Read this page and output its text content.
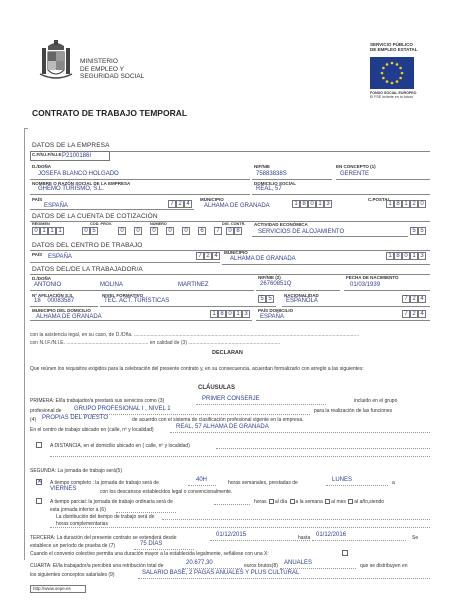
MINISTERIO
DE EMPLEO Y
SEGURIDAD SOCIAL
SERVICIO PÚBLICO
DE EMPLEO ESTATAL
FONDO SOCIAL EUROPEO
El FSE invierte en tu futuro
CONTRATO DE TRABAJO TEMPORAL
DATOS DE LA EMPRESA
C.F/N.I.F/N.I.E P2100186I
D./DOÑA
JOSEFA BLANCO HOLGADO
NIF/NIE
75883838S
EN CONCEPTO (1)
GERENTE
NOMBRE O RAZÓN SOCIAL DE LA EMPRESA
GHEMO TURISMO, S.L.
DOMICILIO SOCIAL
REAL, 57
PAÍS
ESPAÑA	7 2 4
MUNICIPIO
ALHAMA DE GRANADA	1 8 0 1 3
C.POSTAL
1 8 1 2 0
DATOS DE LA CUENTA DE COTIZACIÓN
RÉGIMEN	COD. PROV.	NÚMERO	DIG. CONTR.
0 1 1 1	0 5	0	0	0	0	0	6	7	0 8
ACTIVIDAD ECONÓMICA
SERVICIOS DE ALOJAMIENTO	5 5
DATOS DEL CENTRO DE TRABAJO
PAÍS ESPAÑA	7 2 4
MUNICIPIO
ALHAMA DE GRANADA	1 8 0 1 3
DATOS DEL/DE LA TRABAJADOR/A
D./DOÑA
ANTONIO	MOLINA	MARTINEZ
NIF/NIE (2)
26760851Q
FECHA DE NACIMIENTO
01/03/1939
Nº AFILIACIÓN S.S.
18    00083587
NIVEL FORMATIVO
TEC. ACT. TURÍSTICAS	5 5
NACIONALIDAD
ESPAÑOLA	7 2 4
MUNICIPIO DEL DOMICILIO
ALHAMA DE GRANADA	1 8 0 1 3
PAÍS DOMICILIO
ESPAÑA	7 2 4
con la asistencia legal, en su caso, de D./Dña. ..................................................................................................................................................................
con N.I.F./N.I.E. ........................................................... en calidad de (3) ..................................................................
DECLARAN
Que reúnen los requisitos exigidos para la celebración del presente contrato y, en su consecuencia, acuerdan formalizarlo con arreglo a las siguientes:
CLÁUSULAS
PRIMERA: El/la trabajador/a prestará sus servicios como (3)	PRIMER CONSERJE	incluido en el grupo
profesional de GRUPO PROFESIONAL I , NIVEL 1	para la realización de las funciones
(4) PROPIAS DEL PUESTO	de acuerdo con el sistema de clasificación profesional vigente en la empresa.
En el centro de trabajo ubicado en (calle, nº y localidad)	REAL, 57 ALHAMA DE GRANADA
A DISTANCIA, en el domicilio ubicado en ( calle, nº y localidad)
SEGUNDA: La jornada de trabajo será(5)
✕ A tiempo completo : la jornada de trabajo será de	40H	horas semanales, prestadas de	LUNES	a
VIERNES	con los descansos establecidos legal o convencionalmente.
A tiempo parcial: la jornada de trabajo ordinaria será de	horas al día a la semana al mes al año,siendo
esta jornada inferior a (6)
La distribución del tiempo de trabajo será de
horas complementarias
TERCERA: La duración del presente contrato se extenderá desde	01/12/2015	hasta 01/12/2016	Se
establece un período de prueba de (7)	75 DÍAS
Cuando el convenio colectivo permita una duración mayor a la establecida legalmente, señálese con una X:
CUARTA: El/la trabajador/a percibirá una retribución total de	20.677,30	euros brutos(8) ANUALES	que se distribuyen en
los siguientes conceptos salariales (9)	SALARIO BASE, 2 PAGAS ANUALES Y PLUS CULTURAL
http://www.sepe.es
